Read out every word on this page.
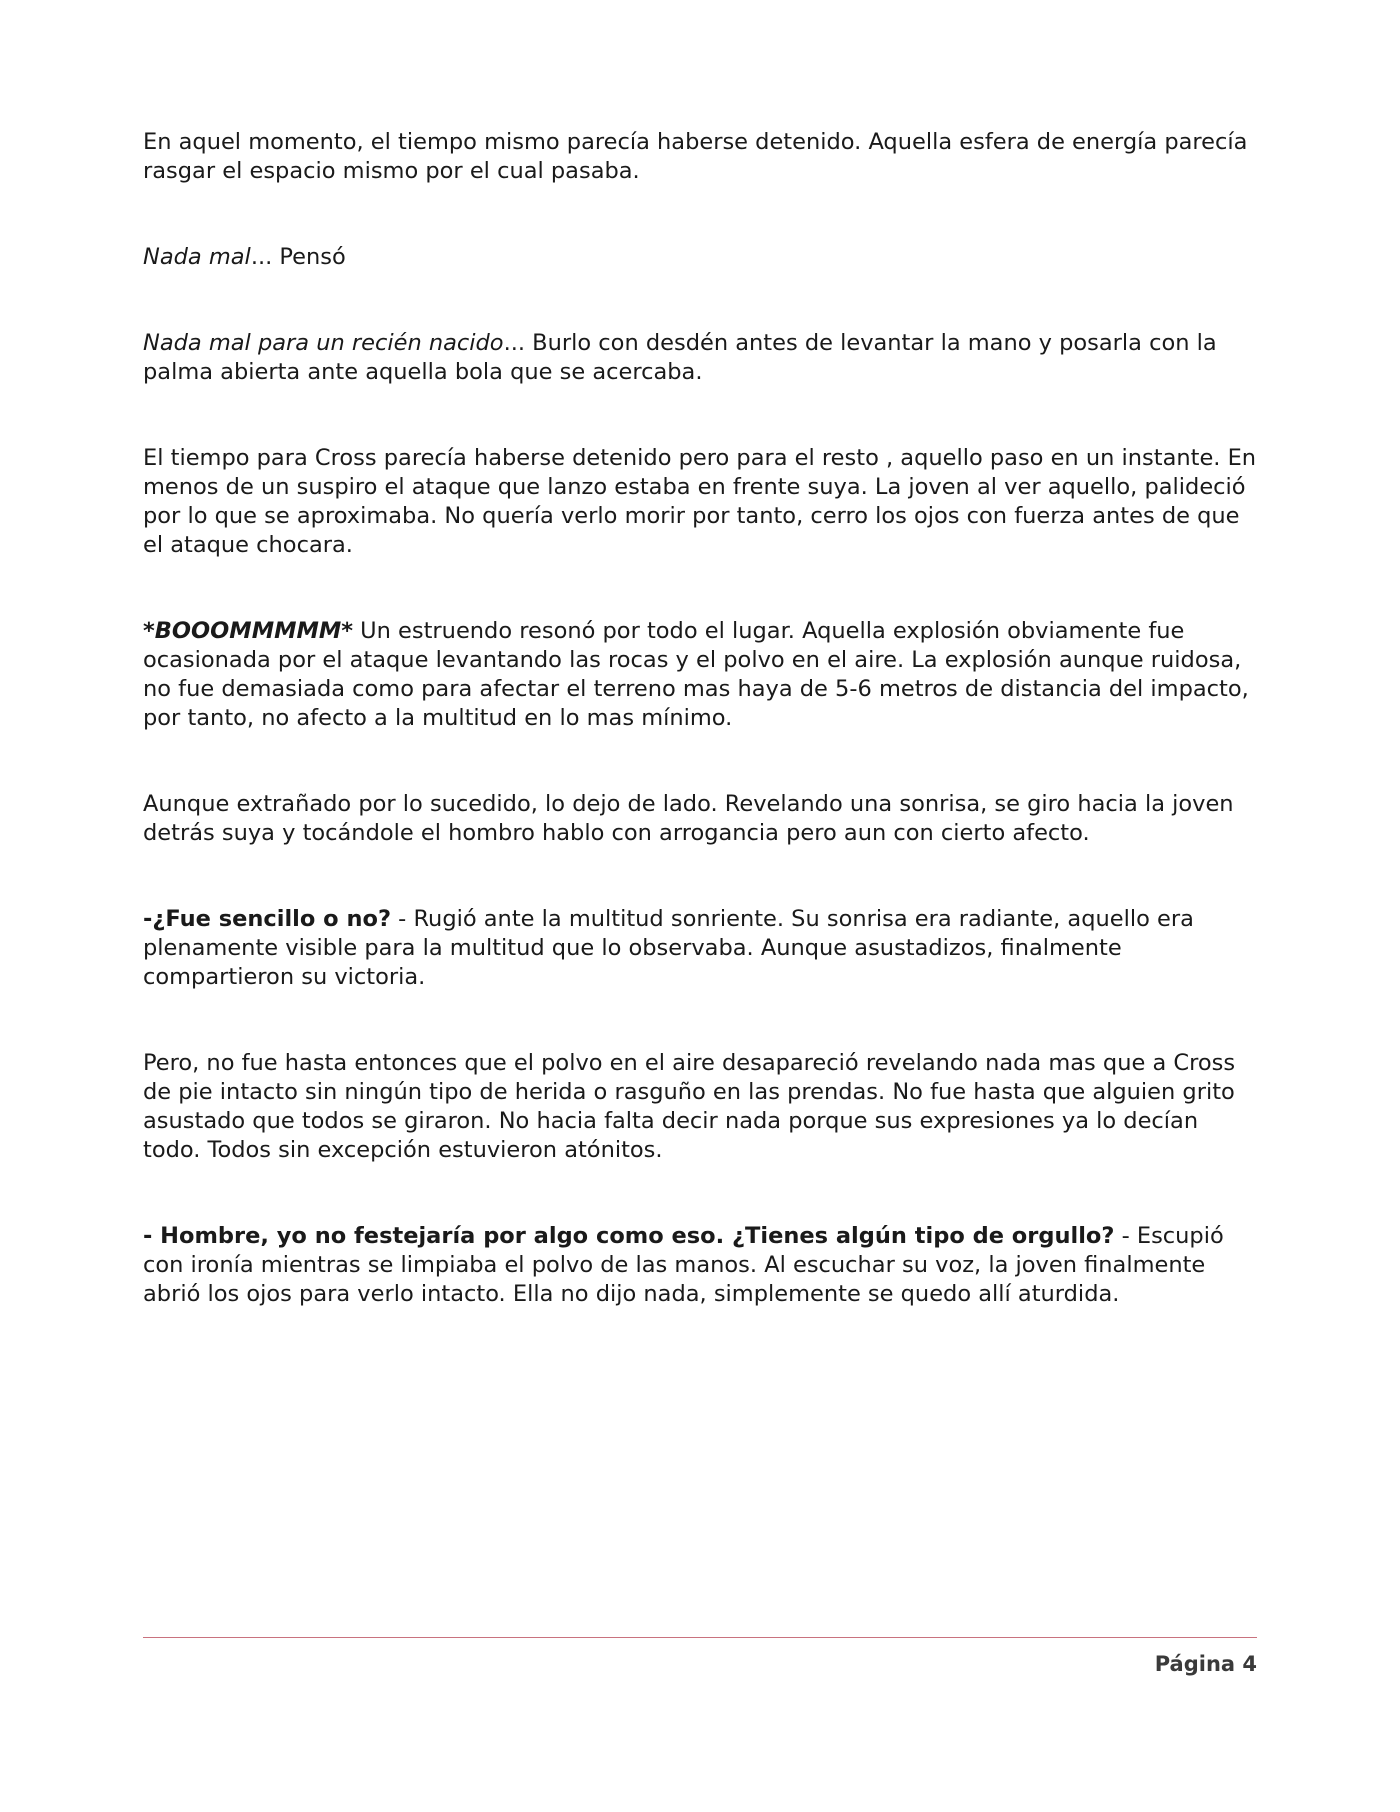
En aquel momento, el tiempo mismo parecía haberse detenido. Aquella esfera de energía parecía rasgar el espacio mismo por el cual pasaba.

Nada mal... Pensó

Nada mal para un recién nacido... Burlo con desdén antes de levantar la mano y posarla con la palma abierta ante aquella bola que se acercaba.

El tiempo para Cross parecía haberse detenido pero para el resto , aquello paso en un instante. En menos de un suspiro el ataque que lanzo estaba en frente suya. La joven al ver aquello, palideció por lo que se aproximaba. No quería verlo morir por tanto, cerro los ojos con fuerza antes de que el ataque chocara.

*BOOOMMMMM* Un estruendo resonó por todo el lugar. Aquella explosión obviamente fue ocasionada por el ataque levantando las rocas y el polvo en el aire. La explosión aunque ruidosa, no fue demasiada como para afectar el terreno mas haya de 5-6 metros de distancia del impacto, por tanto, no afecto a la multitud en lo mas mínimo.

Aunque extrañado por lo sucedido, lo dejo de lado. Revelando una sonrisa, se giro hacia la joven detrás suya y tocándole el hombro hablo con arrogancia pero aun con cierto afecto.

-¿Fue sencillo o no? - Rugió ante la multitud sonriente. Su sonrisa era radiante, aquello era plenamente visible para la multitud que lo observaba. Aunque asustadizos, finalmente compartieron su victoria.

Pero, no fue hasta entonces que el polvo en el aire desapareció revelando nada mas que a Cross de pie intacto sin ningún tipo de herida o rasguño en las prendas. No fue hasta que alguien grito asustado que todos se giraron. No hacia falta decir nada porque sus expresiones ya lo decían todo. Todos sin excepción estuvieron atónitos.

- Hombre, yo no festejaría por algo como eso. ¿Tienes algún tipo de orgullo? - Escupió con ironía mientras se limpiaba el polvo de las manos. Al escuchar su voz, la joven finalmente abrió los ojos para verlo intacto. Ella no dijo nada, simplemente se quedo allí aturdida.

Página 4
